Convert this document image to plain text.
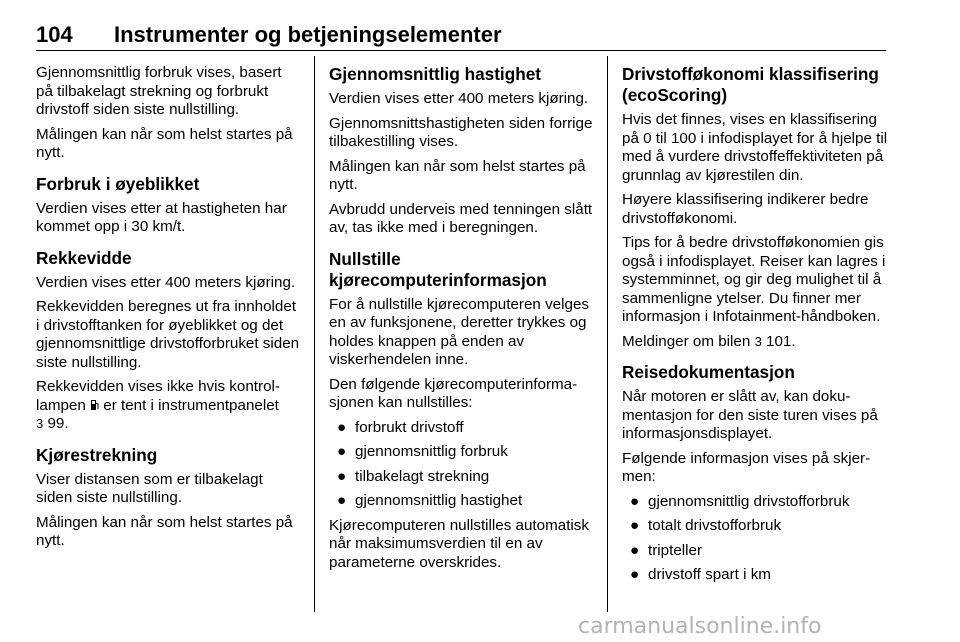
104 Instrumenter og betjeningselementer

Gjennomsnittlig forbruk vises, basert på tilbakelagt strekning og forbrukt drivstoff siden siste nullstilling.

Målingen kan når som helst startes på nytt.

Forbruk i øyeblikket

Verdien vises etter at hastigheten har kommet opp i 30 km/t.

Rekkevidde

Verdien vises etter 400 meters kjøring.

Rekkevidden beregnes ut fra innholdet i drivstofftanken for øyeblikket og det gjennomsnittlige drivstofforbruket siden siste nullstilling.

Rekkevidden vises ikke hvis kontrollampen er tent i instrumentpanelet
3 99.

Kjørestrekning

Viser distansen som er tilbakelagt siden siste nullstilling.

Målingen kan når som helst startes på nytt.

Gjennomsnittlig hastighet

Verdien vises etter 400 meters kjøring.

Gjennomsnittshastigheten siden forrige tilbakestilling vises.

Målingen kan når som helst startes på nytt.

Avbrudd underveis med tenningen slått av, tas ikke med i beregningen.

Nullstille kjørecomputerinformasjon

For å nullstille kjørecomputeren velges en av funksjonene, deretter trykkes og holdes knappen på enden av viskerhendelen inne.

Den følgende kjørecomputerinformasjonen kan nullstilles:

● forbrukt drivstoff
● gjennomsnittlig forbruk
● tilbakelagt strekning
● gjennomsnittlig hastighet

Kjørecomputeren nullstilles automatisk når maksimumsverdien til en av parameterne overskrides.

Drivstofføkonomi klassifisering (ecoScoring)

Hvis det finnes, vises en klassifisering på 0 til 100 i infodisplayet for å hjelpe til med å vurdere drivstoffeffektiviteten på grunnlag av kjørestilen din.

Høyere klassifisering indikerer bedre drivstofføkonomi.

Tips for å bedre drivstofføkonomien gis også i infodisplayet. Reiser kan lagres i systemminnet, og gir deg mulighet til å sammenligne ytelser. Du finner mer informasjon i Infotainment-håndboken.

Meldinger om bilen 3 101.

Reisedokumentasjon

Når motoren er slått av, kan dokumentasjon for den siste turen vises på informasjonsdisplayet.

Følgende informasjon vises på skjermen:

● gjennomsnittlig drivstofforbruk
● totalt drivstofforbruk
● tripteller
● drivstoff spart i km
carmanualsonline.info
